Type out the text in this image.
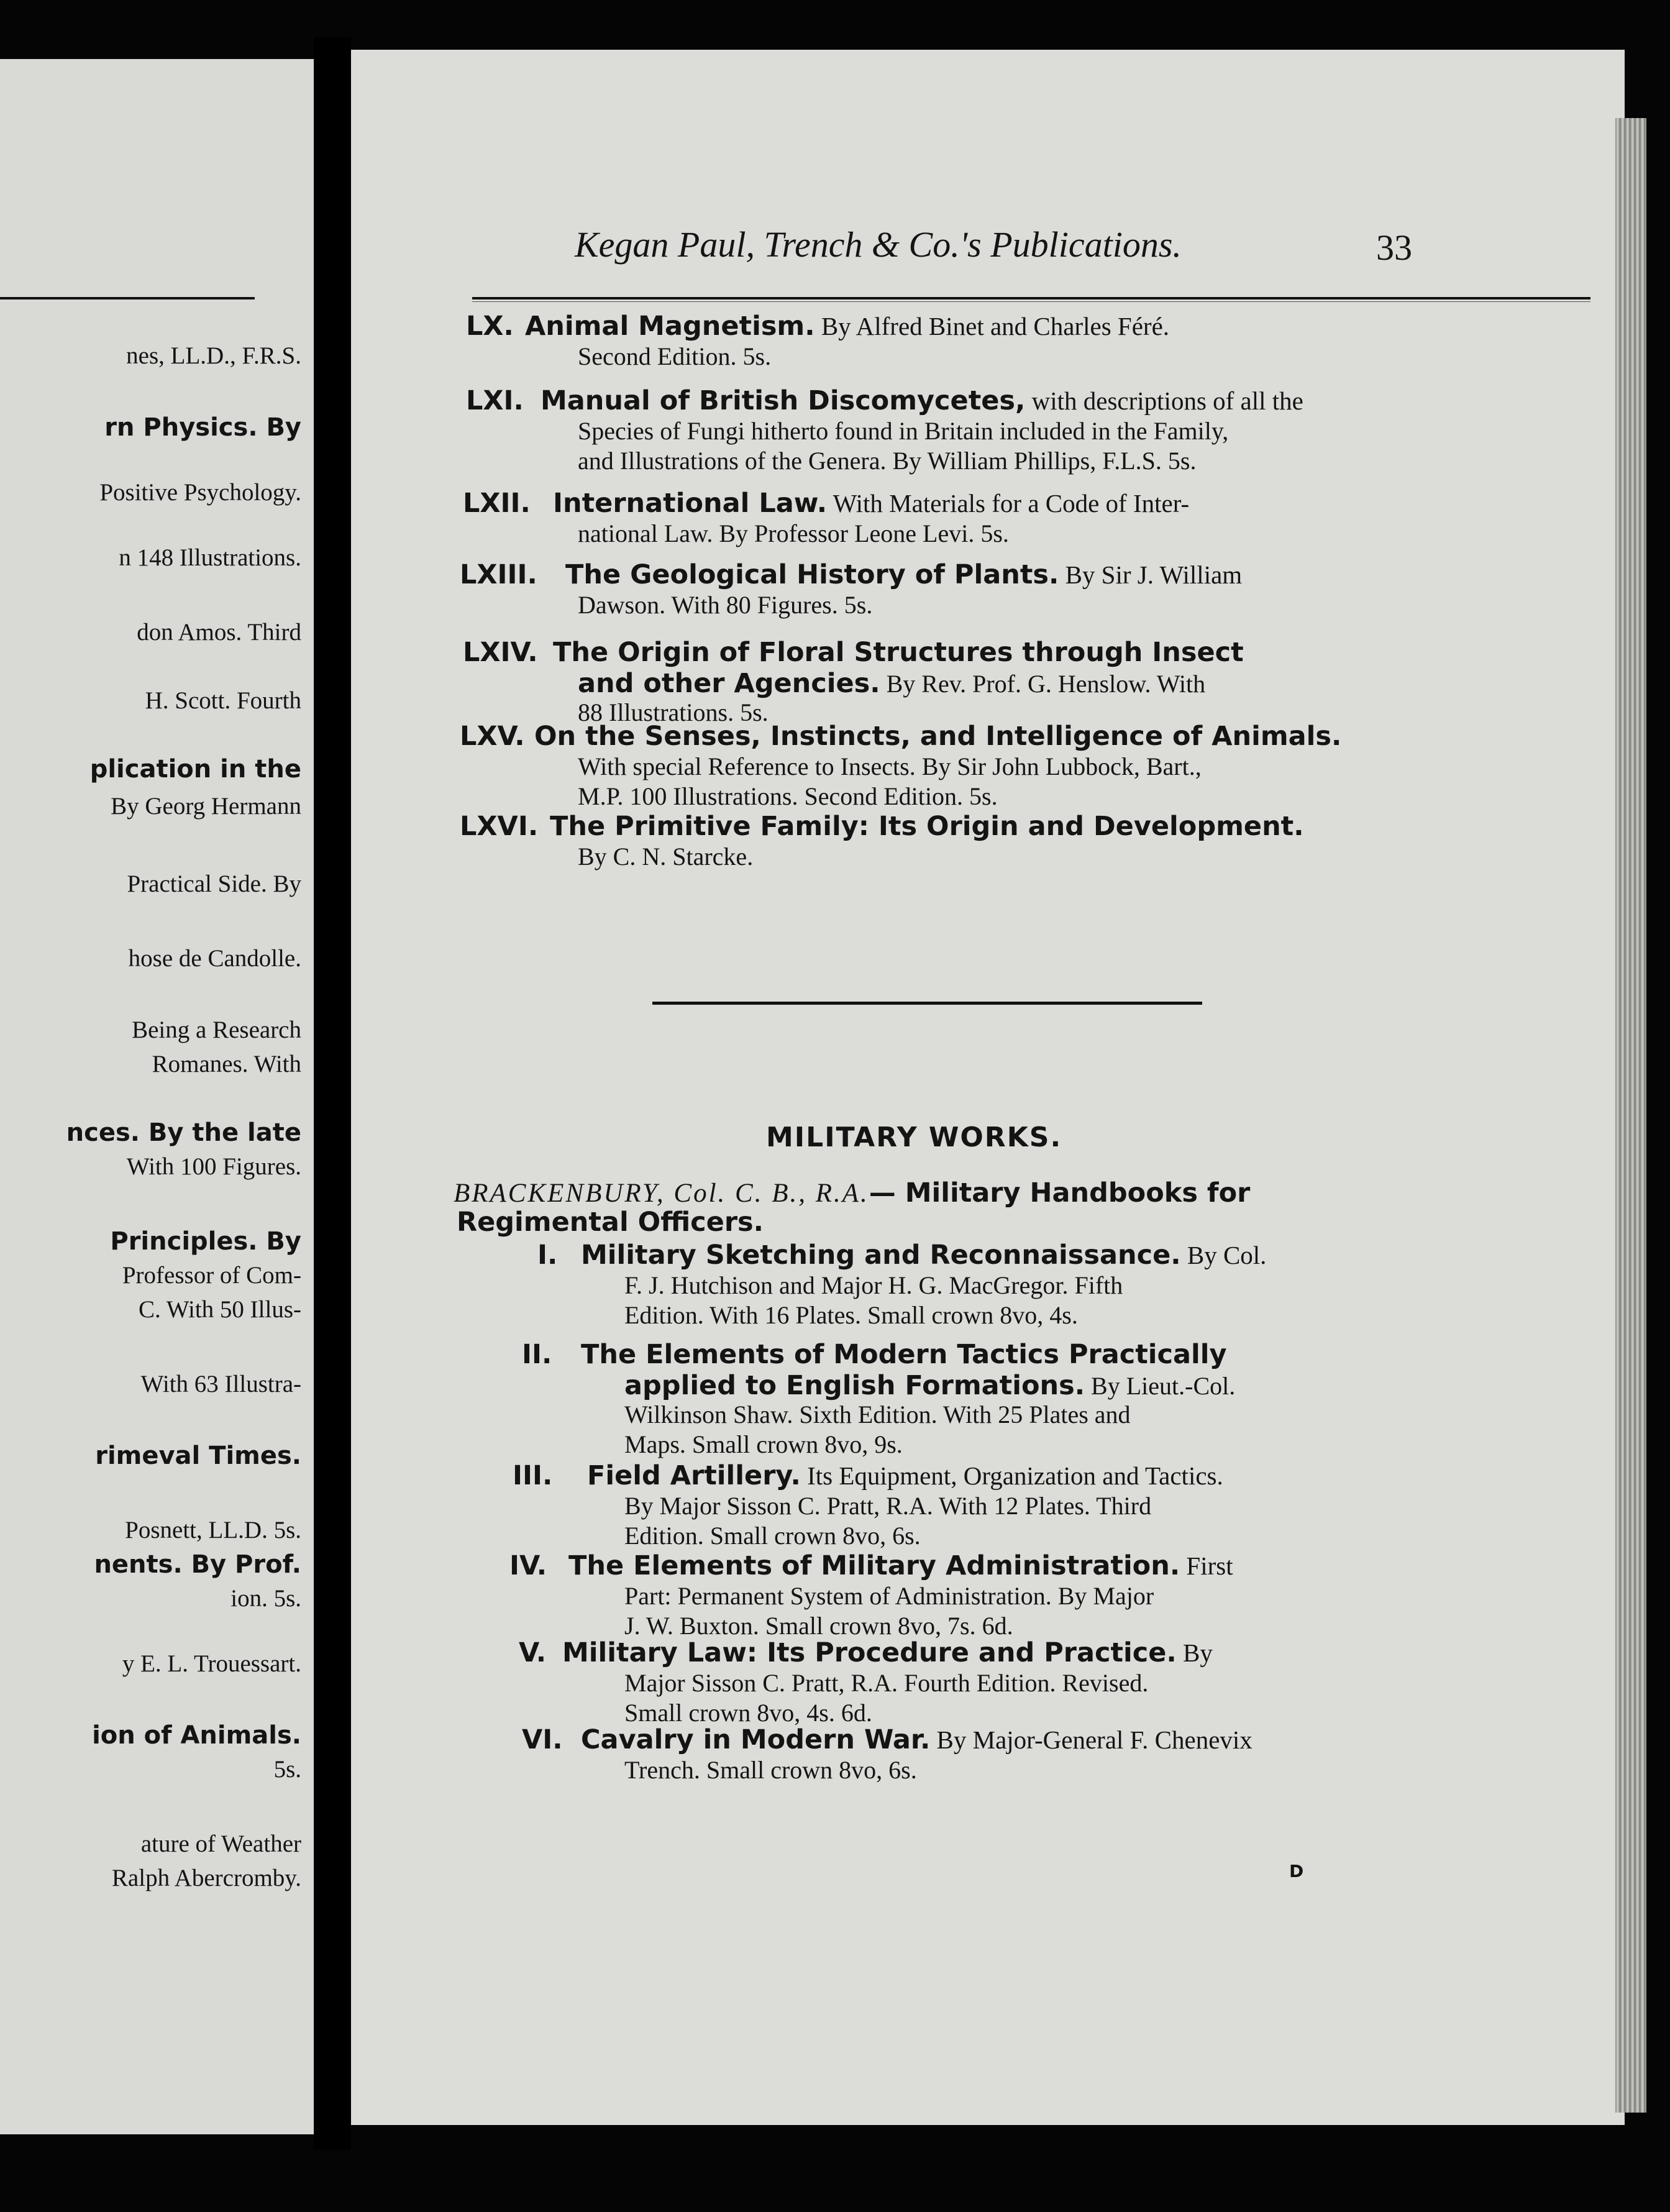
nes, LL.D., F.R.S.
rn Physics. By
Positive Psychology.
n 148 Illustrations.
don Amos. Third
H. Scott. Fourth
plication in the
By Georg Hermann
Practical Side. By
hose de Candolle.
Being a Research
Romanes. With
nces. By the late
With 100 Figures.
Principles. By
Professor of Com-
C. With 50 Illus-
With 63 Illustra-
rimeval Times.
Posnett, LL.D. 5s.
nents. By Prof.
ion. 5s.
y E. L. Trouessart.
ion of Animals.
5s.
ature of Weather
Ralph Abercromby.
Kegan Paul, Trench & Co.'s Publications.	33
LX. Animal Magnetism. By Alfred Binet and Charles Féré.
Second Edition. 5s.
LXI. Manual of British Discomycetes, with descriptions of all the
Species of Fungi hitherto found in Britain included in the Family,
and Illustrations of the Genera. By William Phillips, F.L.S. 5s.
LXII. International Law. With Materials for a Code of Inter-
national Law. By Professor Leone Levi. 5s.
LXIII. The Geological History of Plants. By Sir J. William
Dawson. With 80 Figures. 5s.
LXIV. The Origin of Floral Structures through Insect
and other Agencies. By Rev. Prof. G. Henslow. With
88 Illustrations. 5s.
LXV. On the Senses, Instincts, and Intelligence of Animals.
With special Reference to Insects. By Sir John Lubbock, Bart.,
M.P. 100 Illustrations. Second Edition. 5s.
LXVI. The Primitive Family: Its Origin and Development.
By C. N. Starcke.
MILITARY WORKS.
BRACKENBURY, Col. C. B., R.A.— Military Handbooks for
Regimental Officers.
I. Military Sketching and Reconnaissance. By Col.
F. J. Hutchison and Major H. G. MacGregor. Fifth
Edition. With 16 Plates. Small crown 8vo, 4s.
II. The Elements of Modern Tactics Practically
applied to English Formations. By Lieut.-Col.
Wilkinson Shaw. Sixth Edition. With 25 Plates and
Maps. Small crown 8vo, 9s.
III. Field Artillery. Its Equipment, Organization and Tactics.
By Major Sisson C. Pratt, R.A. With 12 Plates. Third
Edition. Small crown 8vo, 6s.
IV. The Elements of Military Administration. First
Part: Permanent System of Administration. By Major
J. W. Buxton. Small crown 8vo, 7s. 6d.
V. Military Law: Its Procedure and Practice. By
Major Sisson C. Pratt, R.A. Fourth Edition. Revised.
Small crown 8vo, 4s. 6d.
VI. Cavalry in Modern War. By Major-General F. Chenevix
Trench. Small crown 8vo, 6s.
D
